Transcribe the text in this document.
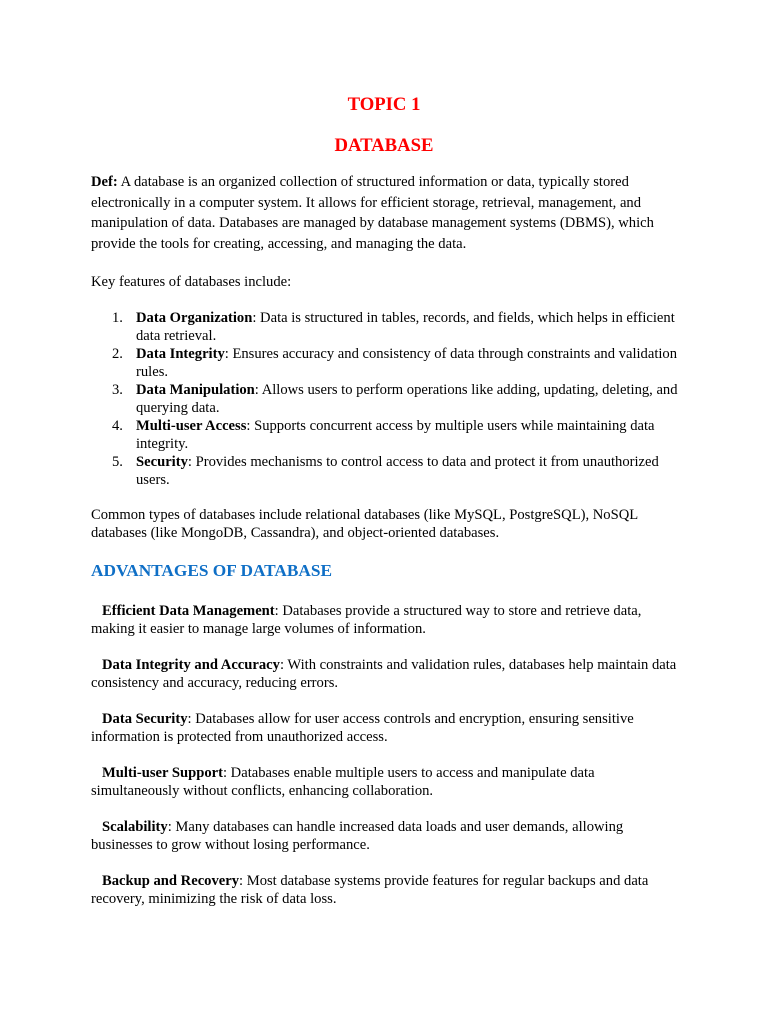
TOPIC 1
DATABASE
Def: A database is an organized collection of structured information or data, typically stored electronically in a computer system. It allows for efficient storage, retrieval, management, and manipulation of data. Databases are managed by database management systems (DBMS), which provide the tools for creating, accessing, and managing the data.
Key features of databases include:
1. Data Organization: Data is structured in tables, records, and fields, which helps in efficient data retrieval.
2. Data Integrity: Ensures accuracy and consistency of data through constraints and validation rules.
3. Data Manipulation: Allows users to perform operations like adding, updating, deleting, and querying data.
4. Multi-user Access: Supports concurrent access by multiple users while maintaining data integrity.
5. Security: Provides mechanisms to control access to data and protect it from unauthorized users.
Common types of databases include relational databases (like MySQL, PostgreSQL), NoSQL databases (like MongoDB, Cassandra), and object-oriented databases.
ADVANTAGES OF DATABASE
Efficient Data Management: Databases provide a structured way to store and retrieve data, making it easier to manage large volumes of information.
Data Integrity and Accuracy: With constraints and validation rules, databases help maintain data consistency and accuracy, reducing errors.
Data Security: Databases allow for user access controls and encryption, ensuring sensitive information is protected from unauthorized access.
Multi-user Support: Databases enable multiple users to access and manipulate data simultaneously without conflicts, enhancing collaboration.
Scalability: Many databases can handle increased data loads and user demands, allowing businesses to grow without losing performance.
Backup and Recovery: Most database systems provide features for regular backups and data recovery, minimizing the risk of data loss.
